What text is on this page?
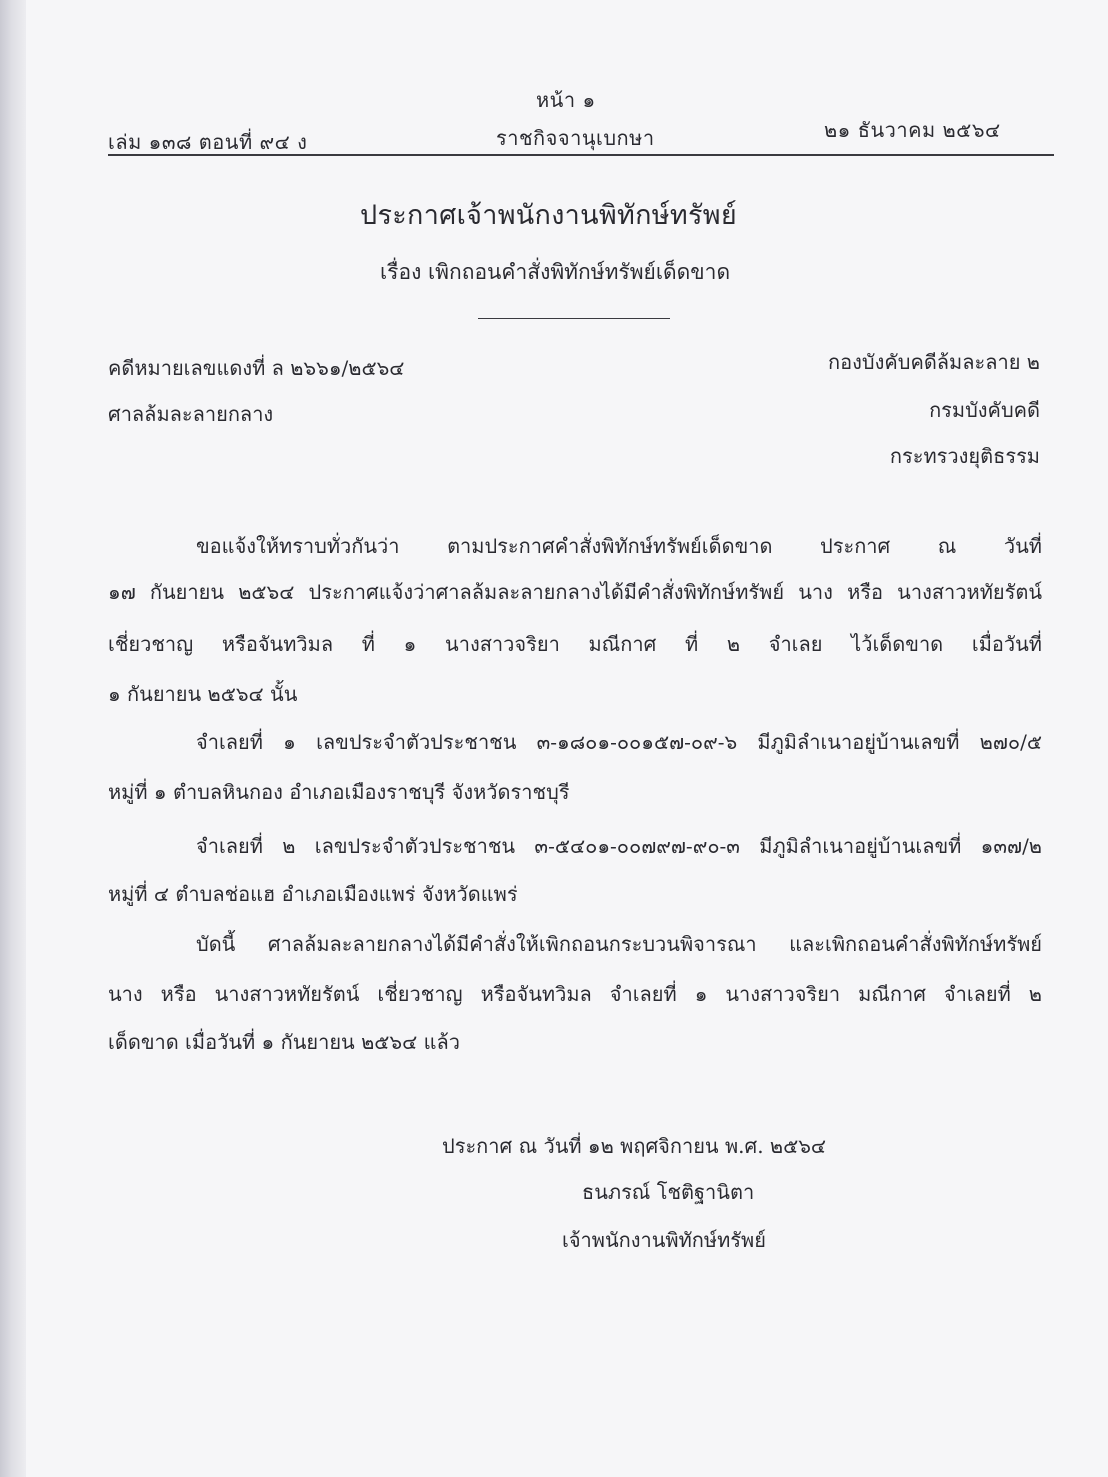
หน้า ๑
เล่ม ๑๓๘ ตอนที่ ๙๔ ง	ราชกิจจานุเบกษา	๒๑ ธันวาคม ๒๕๖๔
ประกาศเจ้าพนักงานพิทักษ์ทรัพย์
เรื่อง เพิกถอนคำสั่งพิทักษ์ทรัพย์เด็ดขาด
คดีหมายเลขแดงที่ ล ๒๖๖๑/๒๕๖๔
ศาลล้มละลายกลาง
กองบังคับคดีล้มละลาย ๒
กรมบังคับคดี
กระทรวงยุติธรรม
ขอแจ้งให้ทราบทั่วกันว่า ตามประกาศคำสั่งพิทักษ์ทรัพย์เด็ดขาด ประกาศ ณ วันที่
๑๗ กันยายน ๒๕๖๔ ประกาศแจ้งว่าศาลล้มละลายกลางได้มีคำสั่งพิทักษ์ทรัพย์ นาง หรือ นางสาวหทัยรัตน์
เชี่ยวชาญ หรือจันทวิมล ที่ ๑ นางสาวจริยา มณีกาศ ที่ ๒ จำเลย ไว้เด็ดขาด เมื่อวันที่
๑ กันยายน ๒๕๖๔ นั้น
จำเลยที่ ๑ เลขประจำตัวประชาชน ๓-๑๘๐๑-๐๐๑๕๗-๐๙-๖ มีภูมิลำเนาอยู่บ้านเลขที่ ๒๗๐/๕
หมู่ที่ ๑ ตำบลหินกอง อำเภอเมืองราชบุรี จังหวัดราชบุรี
จำเลยที่ ๒ เลขประจำตัวประชาชน ๓-๕๔๐๑-๐๐๗๙๗-๙๐-๓ มีภูมิลำเนาอยู่บ้านเลขที่ ๑๓๗/๒
หมู่ที่ ๔ ตำบลช่อแฮ อำเภอเมืองแพร่ จังหวัดแพร่
บัดนี้ ศาลล้มละลายกลางได้มีคำสั่งให้เพิกถอนกระบวนพิจารณา และเพิกถอนคำสั่งพิทักษ์ทรัพย์
นาง หรือ นางสาวหทัยรัตน์ เชี่ยวชาญ หรือจันทวิมล จำเลยที่ ๑ นางสาวจริยา มณีกาศ จำเลยที่ ๒
เด็ดขาด เมื่อวันที่ ๑ กันยายน ๒๕๖๔ แล้ว
ประกาศ ณ วันที่ ๑๒ พฤศจิกายน พ.ศ. ๒๕๖๔
ธนภรณ์ โชติฐานิตา
เจ้าพนักงานพิทักษ์ทรัพย์
